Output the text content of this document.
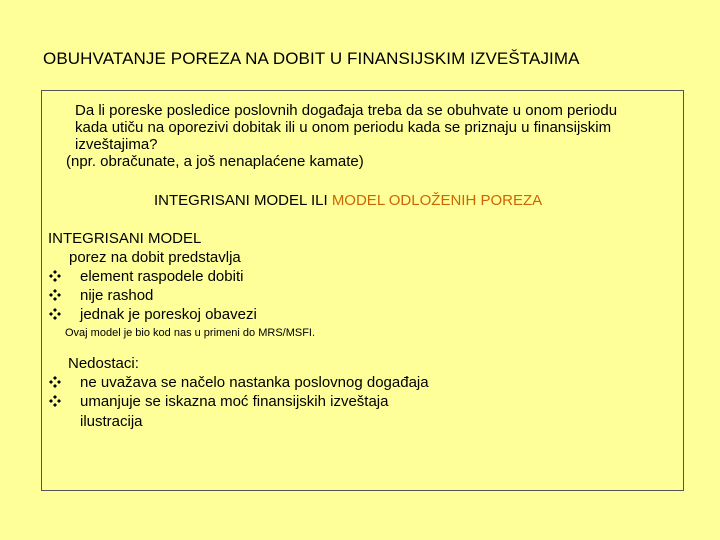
OBUHVATANJE POREZA NA DOBIT U FINANSIJSKIM IZVEŠTAJIMA
Da li poreske posledice poslovnih događaja treba da se obuhvate u onom periodu
kada utiču na oporezivi dobitak ili u onom periodu kada se priznaju u finansijskim
izveštajima?
(npr. obračunate, a još nenaplaćene kamate)
INTEGRISANI MODEL ILI MODEL ODLOŽENIH POREZA
INTEGRISANI MODEL
porez na dobit predstavlja
element raspodele dobiti
nije rashod
jednak je poreskoj obavezi
Ovaj model je bio kod nas u primeni do MRS/MSFI.
Nedostaci:
ne uvažava se načelo nastanka poslovnog događaja
umanjuje se iskazna moć finansijskih izveštaja
ilustracija
